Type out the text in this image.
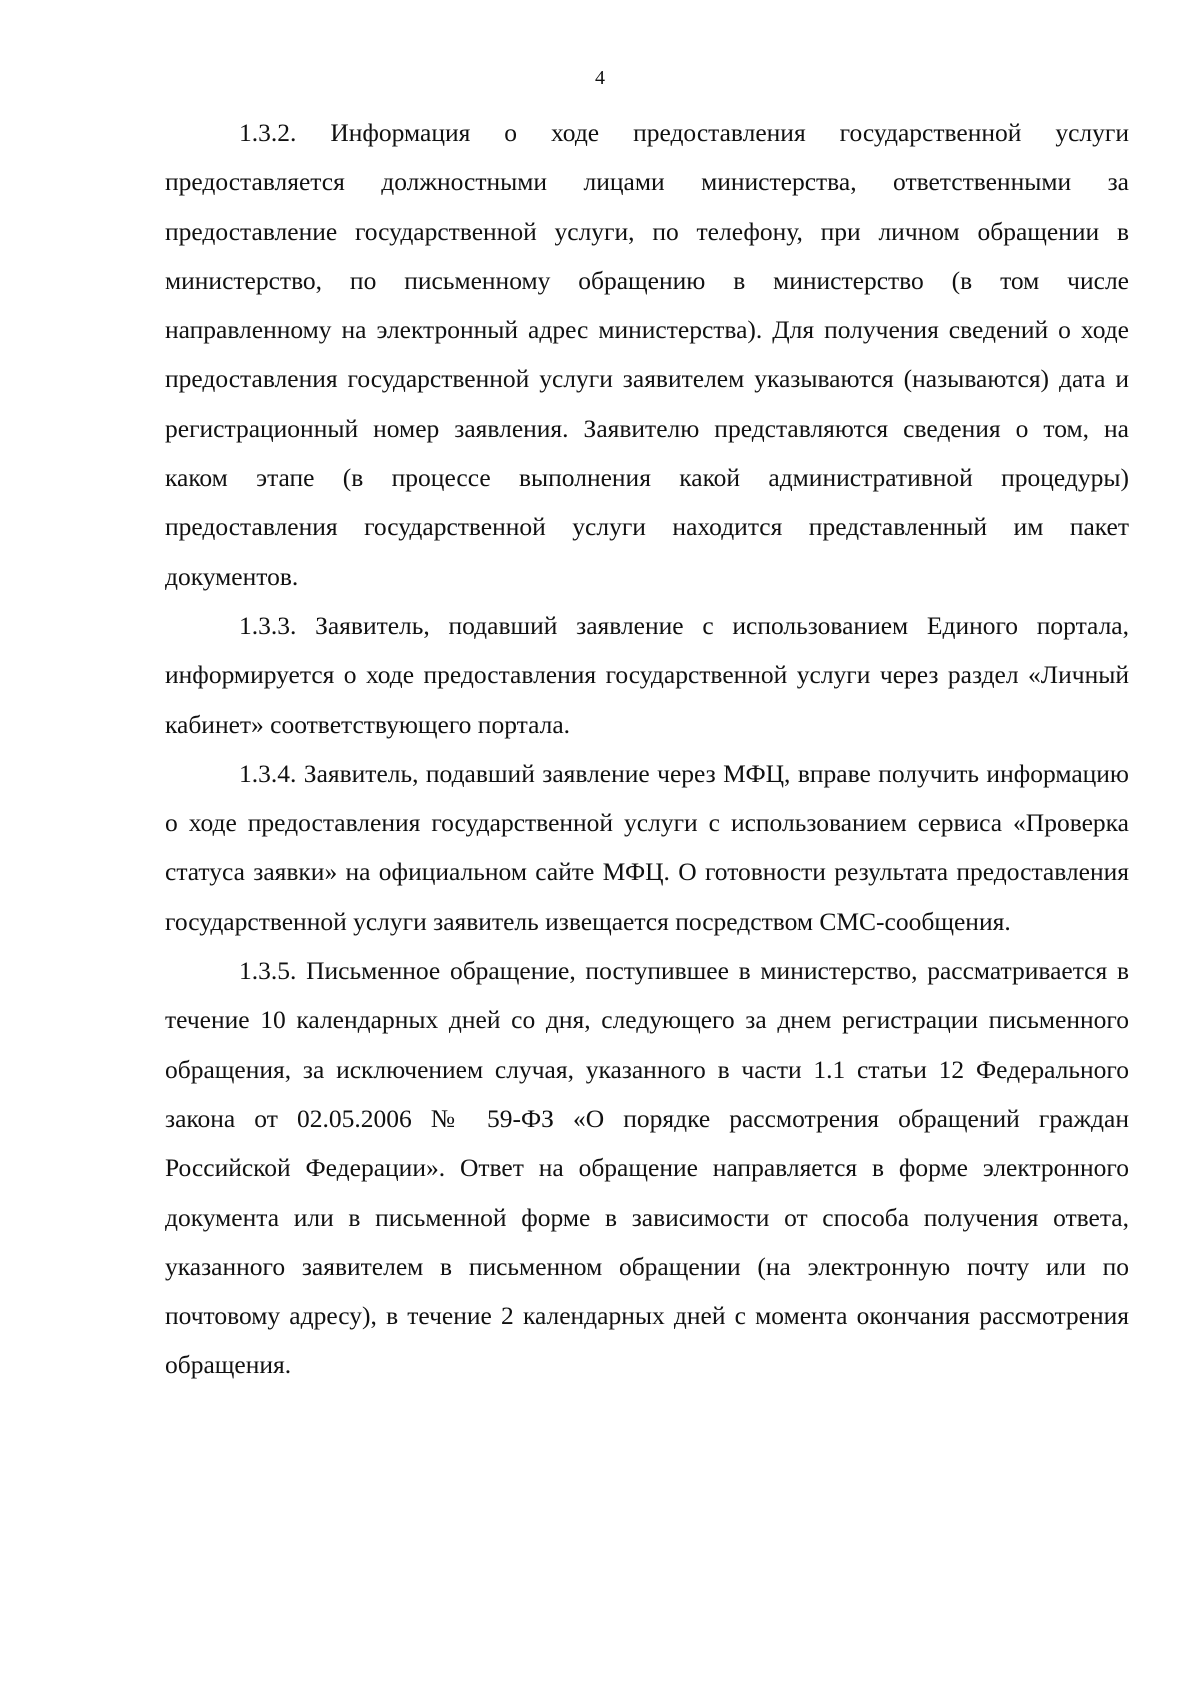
4

1.3.2. Информация о ходе предоставления государственной услуги предоставляется должностными лицами министерства, ответственными за предоставление государственной услуги, по телефону, при личном обращении в министерство, по письменному обращению в министерство (в том числе направленному на электронный адрес министерства). Для получения сведений о ходе предоставления государственной услуги заявителем указываются (называются) дата и регистрационный номер заявления. Заявителю представляются сведения о том, на каком этапе (в процессе выполнения какой административной процедуры) предоставления государственной услуги находится представленный им пакет документов.

1.3.3. Заявитель, подавший заявление с использованием Единого портала, информируется о ходе предоставления государственной услуги через раздел «Личный кабинет» соответствующего портала.

1.3.4. Заявитель, подавший заявление через МФЦ, вправе получить информацию о ходе предоставления государственной услуги с использованием сервиса «Проверка статуса заявки» на официальном сайте МФЦ. О готовности результата предоставления государственной услуги заявитель извещается посредством СМС-сообщения.

1.3.5. Письменное обращение, поступившее в министерство, рассматривается в течение 10 календарных дней со дня, следующего за днем регистрации письменного обращения, за исключением случая, указанного в части 1.1 статьи 12 Федерального закона от 02.05.2006 № 59-ФЗ «О порядке рассмотрения обращений граждан Российской Федерации». Ответ на обращение направляется в форме электронного документа или в письменной форме в зависимости от способа получения ответа, указанного заявителем в письменном обращении (на электронную почту или по почтовому адресу), в течение 2 календарных дней с момента окончания рассмотрения обращения.
